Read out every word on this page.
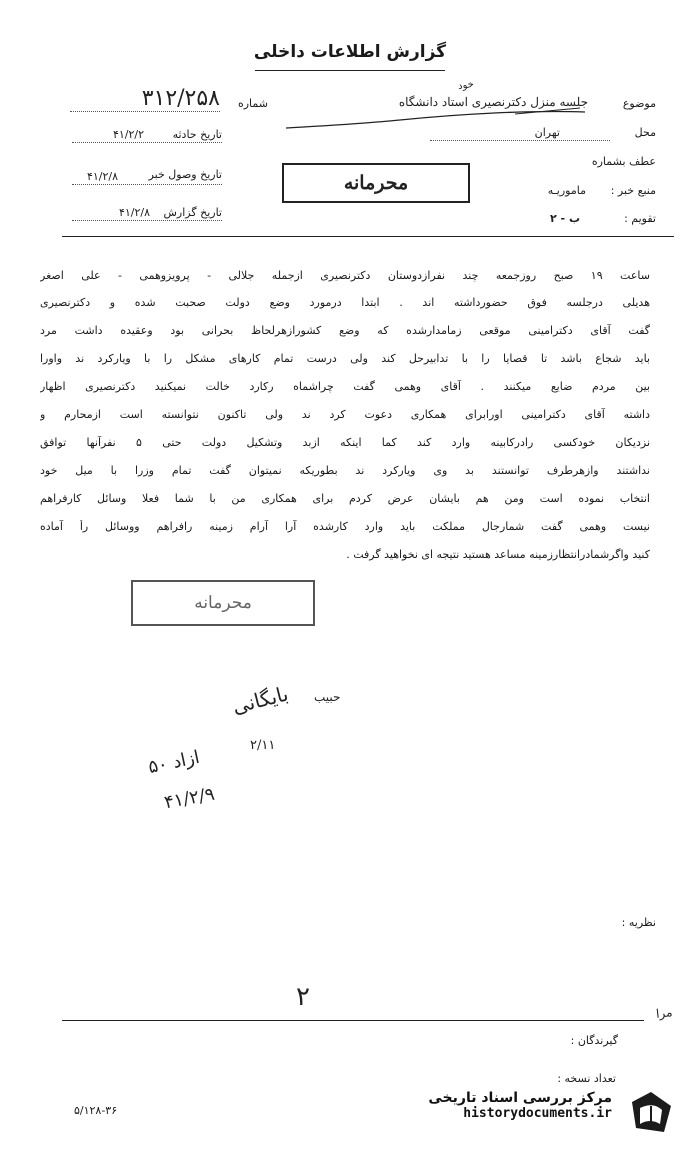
گزارش اطلاعات داخلی
موضوع
جلسه منزل دکترنصیری استاد دانشگاه
خود
محل
تهران
عطف بشماره
منبع خبر :
ماموریـه
تقویم :
ب - ۲
محرمانه
شماره
۳۱۲/۲۵۸
تاریخ حادثه
۴۱/۲/۲
تاریخ وصول خبر
۴۱/۲/۸
تاریخ گزارش
۴۱/۲/۸
ساعت ۱۹ صبح روزجمعه چند نفرازدوستان دکترنصیری ازجمله جلالی - پرویزوهمی - علی اصغر
هدیلی درجلسه فوق حضورداشته اند . ابتدا درمورد وضع دولت صحبت شده و دکترنصیری
گفت آقای دکترامینی موقعی زمامدارشده که وضع کشورازهرلحاظ بحرانی بود وعقیده داشت مرد
باید شجاع باشد تا قصایا را با تدابیرحل کند ولی درست تمام کارهای مشکل را با ویارکرد ند واورا
بین مردم ضایع میکنند . آقای وهمی گفت چراشماه رکارد خالت نمیکنید دکترنصیری اظهار
داشته آقای دکترامینی اورابرای همکاری دعوت کرد ند ولی تاکنون نتوانسته است ازمحارم و
نزدیکان خودکسی رادرکابینه وارد کند کما اینکه ازبد وتشکیل دولت حتی ۵ نفرآنها توافق
نداشتند وازهرطرف توانستند بد وی ویارکرد ند بطوریکه نمیتوان گفت تمام وزرا با میل خود
انتخاب نموده است ومن هم بایشان عرض کردم برای همکاری من با شما فعلا وسائل کارفراهم
نیست وهمی گفت شمارجال مملکت باید وارد کارشده آرا آرام زمینه رافراهم ووسائل رأ آماده
کنید واگرشمادرانتظارزمینه مساعد هستید نتیجه ای نخواهید گرفت .
محرمانه
بایگانی حبیب
۲/۱۱
ازاد ۵۰
۴۱/۲/۹
نظریه :
۲
مرا
گیرندگان :
تعداد نسخه :
۵/۱۲۸-۳۶
مرکز بررسی اسناد تاریخی
historydocuments.ir
